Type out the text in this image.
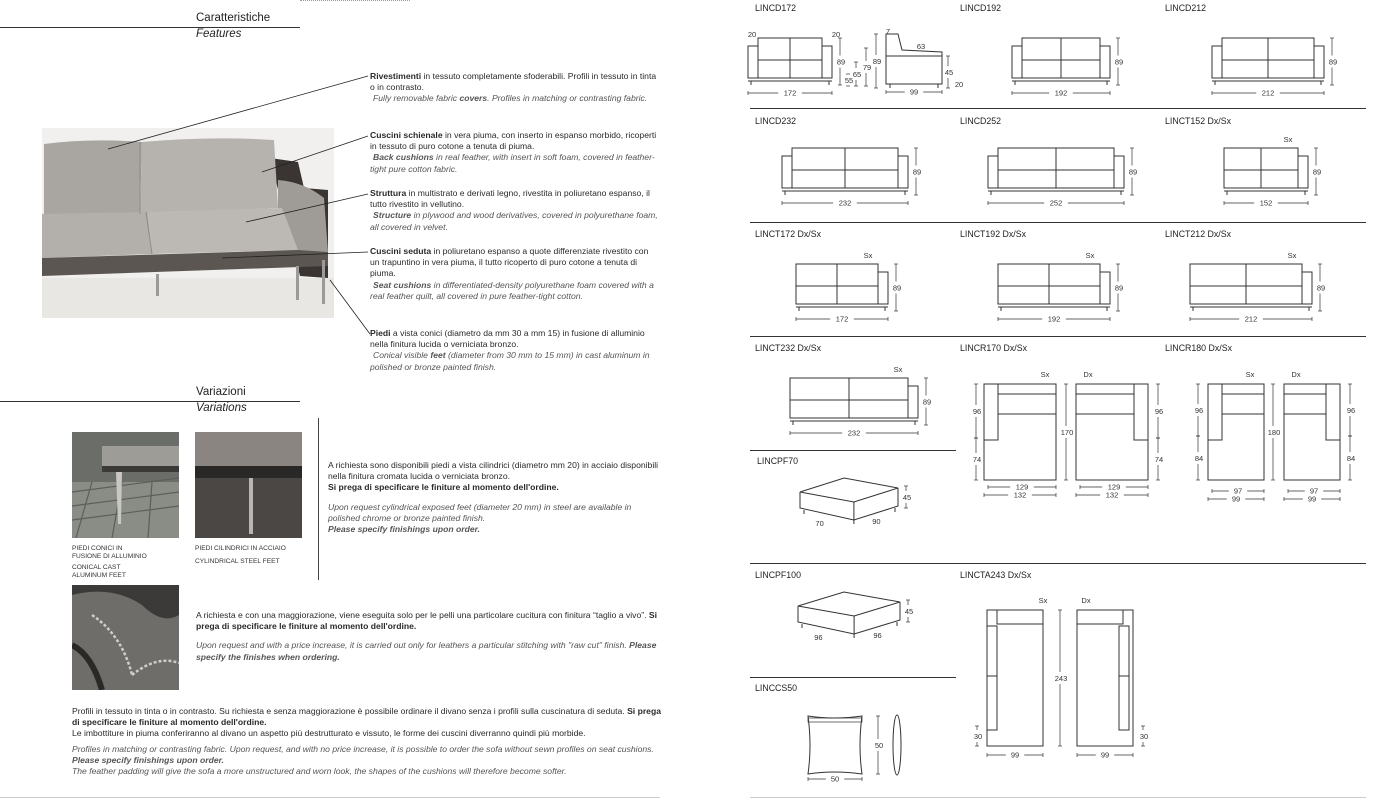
Caratteristiche
Features
Rivestimenti in tessuto completamente sfoderabili. Profili in tessuto in tinta o in contrasto.
Fully removable fabric covers. Profiles in matching or contrasting fabric.
Cuscini schienale in vera piuma, con inserto in espanso morbido, ricoperti in tessuto di puro cotone a tenuta di piuma.
Back cushions in real feather, with insert in soft foam, covered in feather-tight pure cotton fabric.
Struttura in multistrato e derivati legno, rivestita in poliuretano espanso, il tutto rivestito in vellutino.
Structure in plywood and wood derivatives, covered in polyurethane foam, all covered in velvet.
Cuscini seduta in poliuretano espanso a quote differenziate rivestito con un trapuntino in vera piuma, il tutto ricoperto di puro cotone a tenuta di piuma.
Seat cushions in differentiated-density polyurethane foam covered with a real feather quilt, all covered in pure feather-tight cotton.
Piedi a vista conici (diametro da mm 30 a mm 15) in fusione di alluminio nella finitura lucida o verniciata bronzo.
Conical visible feet (diameter from 30 mm to 15 mm) in cast aluminum in polished or bronze painted finish.
Variazioni
Variations
PIEDI CONICI IN
FUSIONE DI ALLUMINIO
CONICAL CAST
ALUMINUM FEET
PIEDI CILINDRICI IN ACCIAIO
CYLINDRICAL STEEL FEET
A richiesta sono disponibili piedi a vista cilindrici (diametro mm 20) in acciaio disponibili nella finitura cromata lucida o verniciata bronzo.
Si prega di specificare le finiture al momento dell'ordine.
Upon request cylindrical exposed feet (diameter 20 mm) in steel are available in polished chrome or bronze painted finish.
Please specify finishings upon order.
A richiesta e con una maggiorazione, viene eseguita solo per le pelli una particolare cucitura con finitura “taglio a vivo”. Si prega di specificare le finiture al momento dell'ordine.
Upon request and with a price increase, it is carried out only for leathers a particular stitching with "raw cut" finish. Please specify the finishes when ordering.
Profili in tessuto in tinta o in contrasto. Su richiesta e senza maggiorazione è possibile ordinare il divano senza i profili sulla cuscinatura di seduta. Si prega di specificare le finiture al momento dell'ordine.
Le imbottiture in piuma conferiranno al divano un aspetto più destrutturato e vissuto, le forme dei cuscini diverranno quindi più morbide.
Profiles in matching or contrasting fabric. Upon request, and with no price increase, it is possible to order the sofa without sewn profiles on seat cushions. Please specify finishings upon order.
The feather padding will give the sofa a more unstructured and worn look, the shapes of the cushions will therefore become softer.
LINCD172	LINCD192	LINCD212
LINCD232	LINCD252	LINCT152 Dx/Sx
LINCT172 Dx/Sx	LINCT192 Dx/Sx	LINCT212 Dx/Sx
LINCT232 Dx/Sx	LINCR170 Dx/Sx	LINCR180 Dx/Sx
LINCPF70
LINCPF100	LINCTA243 Dx/Sx
LINCCS50
172
89
20	20
65
55
79
99
63
7
89
45
20
192
89
212
89
232
89
252
89
152
89
Sx
172
89
Sx
192
89
Sx
212
89
Sx
232
89
Sx
Sx	Dx
96
74
170
96
74
129
132
129
132
Sx	Dx
96
84
180
96
84
97
99
97
99
70	90
45
96	96
45
50
50
Sx	Dx
243
30	30
99	99
